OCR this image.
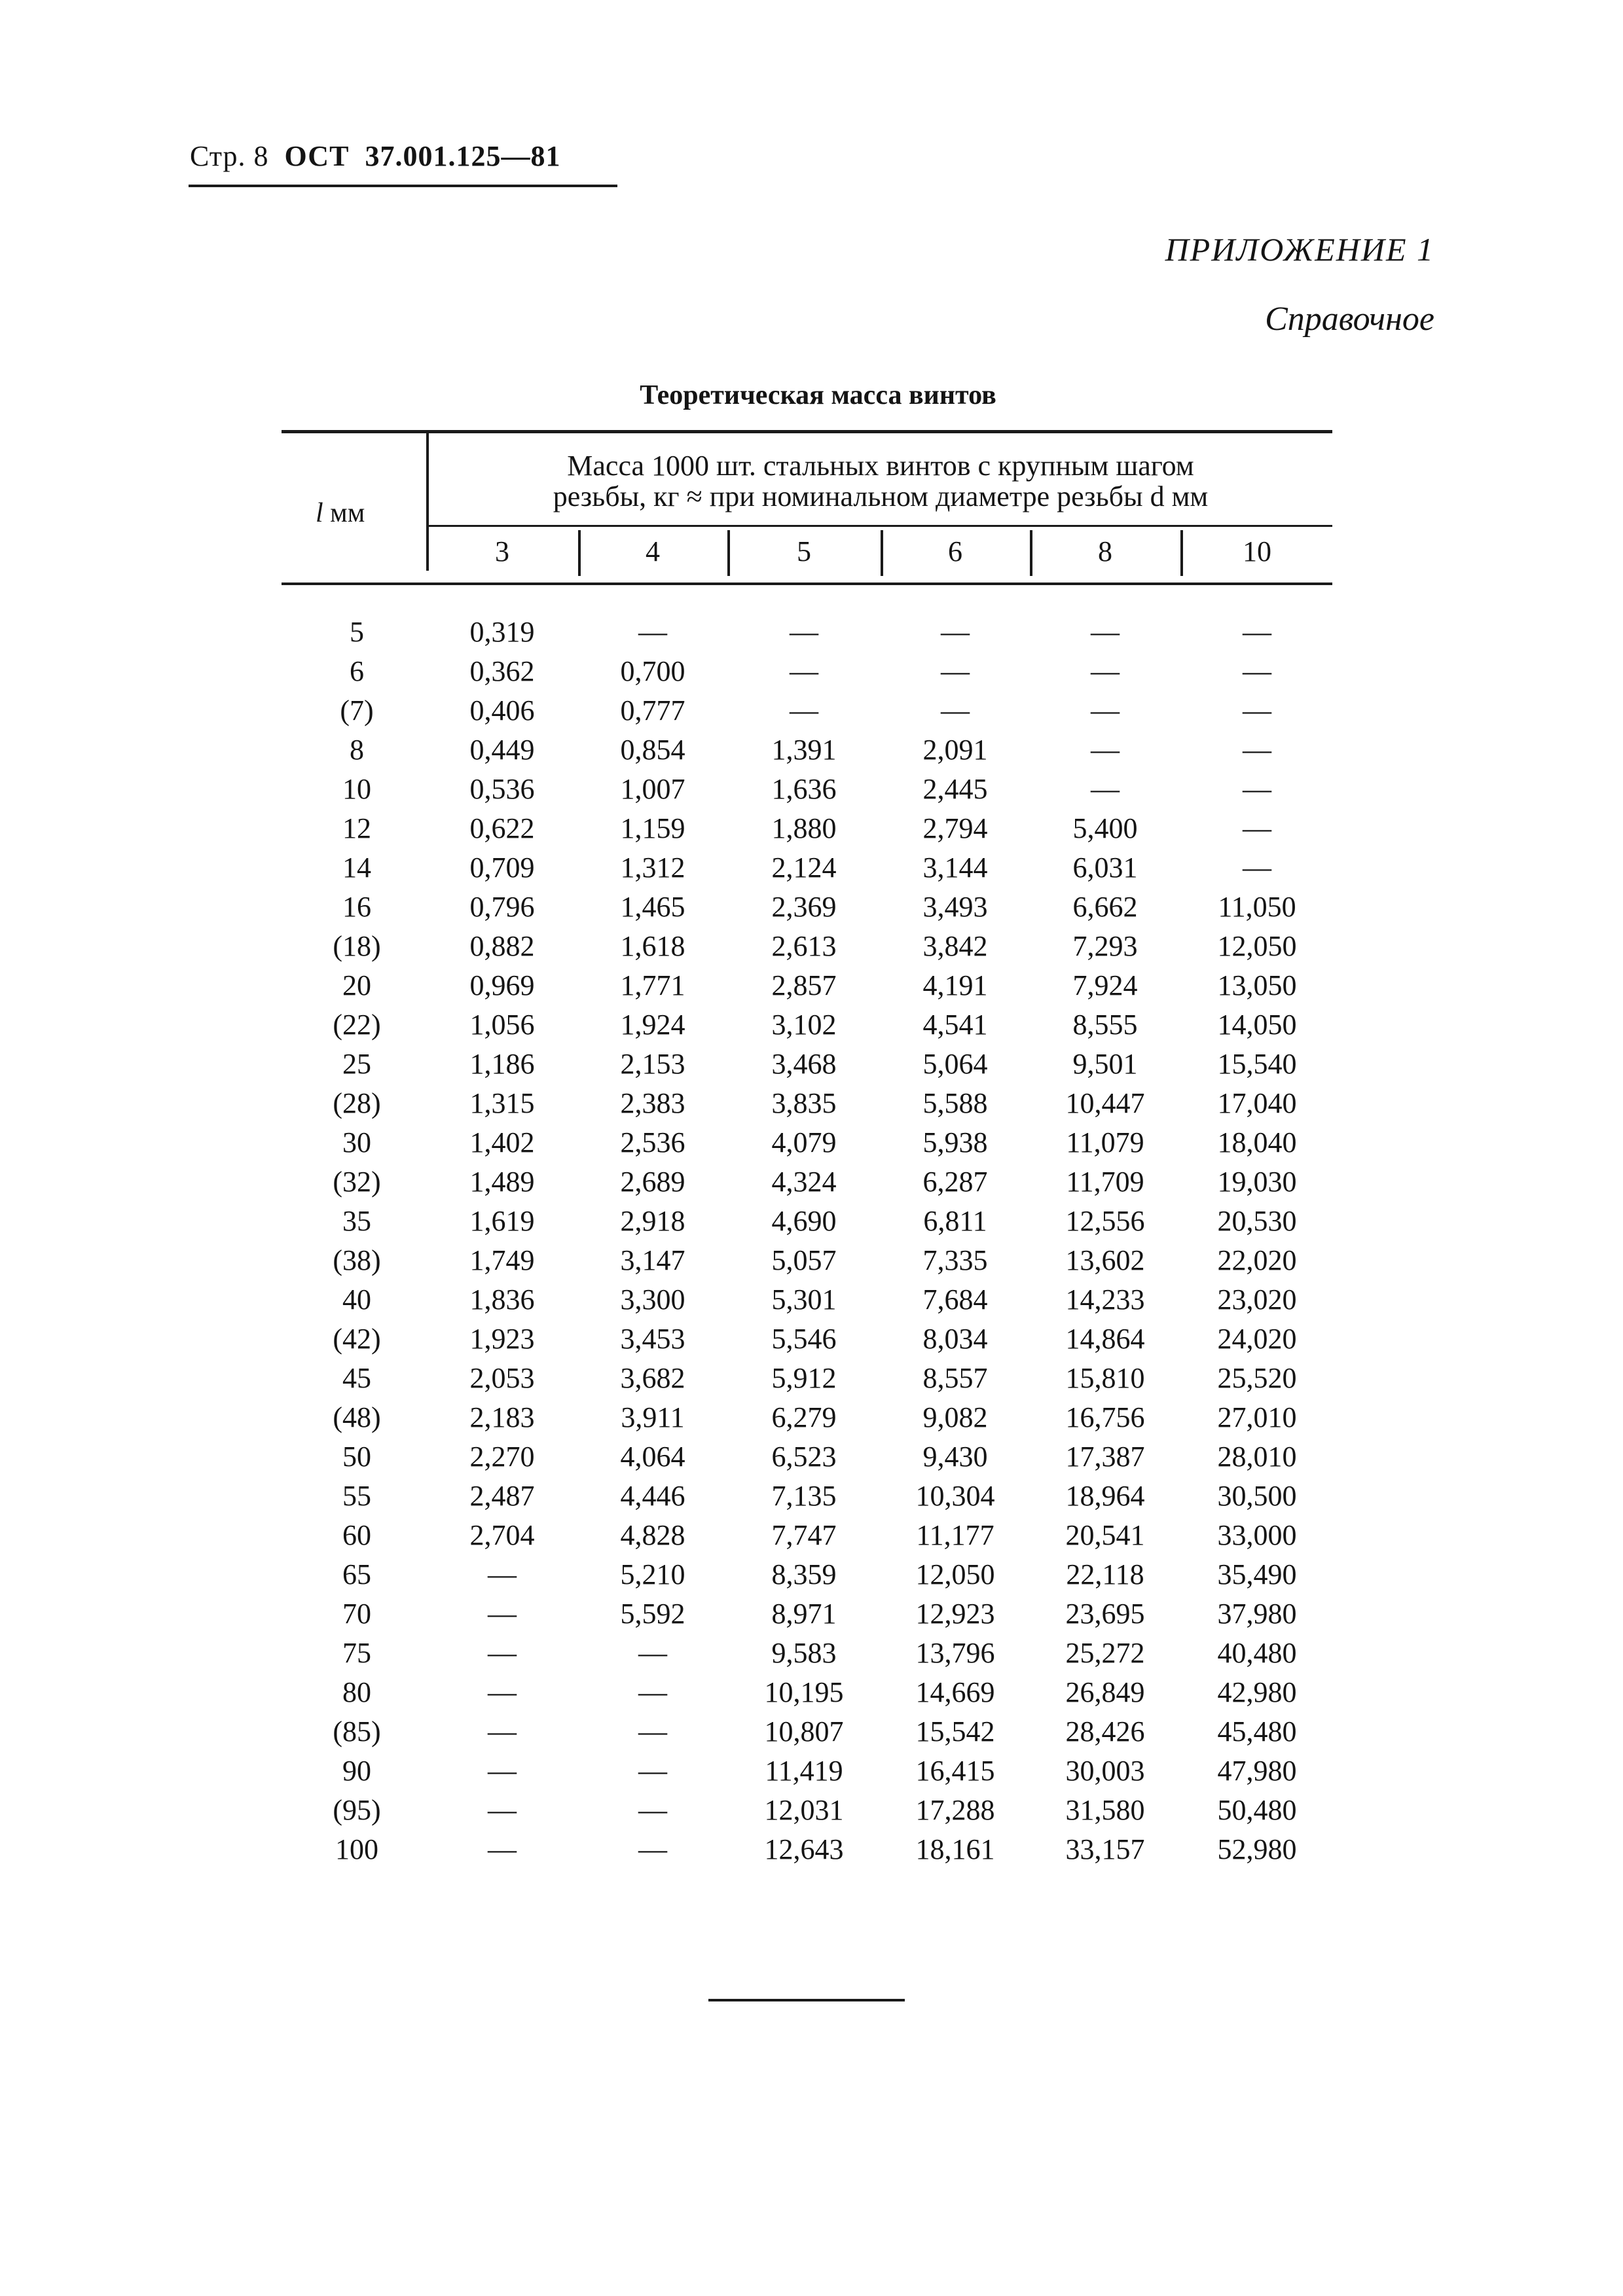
Стр. 8 ОСТ 37.001.125—81
ПРИЛОЖЕНИЕ 1
Справочное
Теоретическая масса винтов
l мм
Масса 1000 шт. стальных винтов с крупным шагом
резьбы, кг ≈ при номинальном диаметре резьбы d мм
3	4	5	6	8	10
5	0,319	—	—	—	—	—
6	0,362	0,700	—	—	—	—
(7)	0,406	0,777	—	—	—	—
8	0,449	0,854	1,391	2,091	—	—
10	0,536	1,007	1,636	2,445	—	—
12	0,622	1,159	1,880	2,794	5,400	—
14	0,709	1,312	2,124	3,144	6,031	—
16	0,796	1,465	2,369	3,493	6,662	11,050
(18)	0,882	1,618	2,613	3,842	7,293	12,050
20	0,969	1,771	2,857	4,191	7,924	13,050
(22)	1,056	1,924	3,102	4,541	8,555	14,050
25	1,186	2,153	3,468	5,064	9,501	15,540
(28)	1,315	2,383	3,835	5,588	10,447	17,040
30	1,402	2,536	4,079	5,938	11,079	18,040
(32)	1,489	2,689	4,324	6,287	11,709	19,030
35	1,619	2,918	4,690	6,811	12,556	20,530
(38)	1,749	3,147	5,057	7,335	13,602	22,020
40	1,836	3,300	5,301	7,684	14,233	23,020
(42)	1,923	3,453	5,546	8,034	14,864	24,020
45	2,053	3,682	5,912	8,557	15,810	25,520
(48)	2,183	3,911	6,279	9,082	16,756	27,010
50	2,270	4,064	6,523	9,430	17,387	28,010
55	2,487	4,446	7,135	10,304	18,964	30,500
60	2,704	4,828	7,747	11,177	20,541	33,000
65	—	5,210	8,359	12,050	22,118	35,490
70	—	5,592	8,971	12,923	23,695	37,980
75	—	—	9,583	13,796	25,272	40,480
80	—	—	10,195	14,669	26,849	42,980
(85)	—	—	10,807	15,542	28,426	45,480
90	—	—	11,419	16,415	30,003	47,980
(95)	—	—	12,031	17,288	31,580	50,480
100	—	—	12,643	18,161	33,157	52,980
